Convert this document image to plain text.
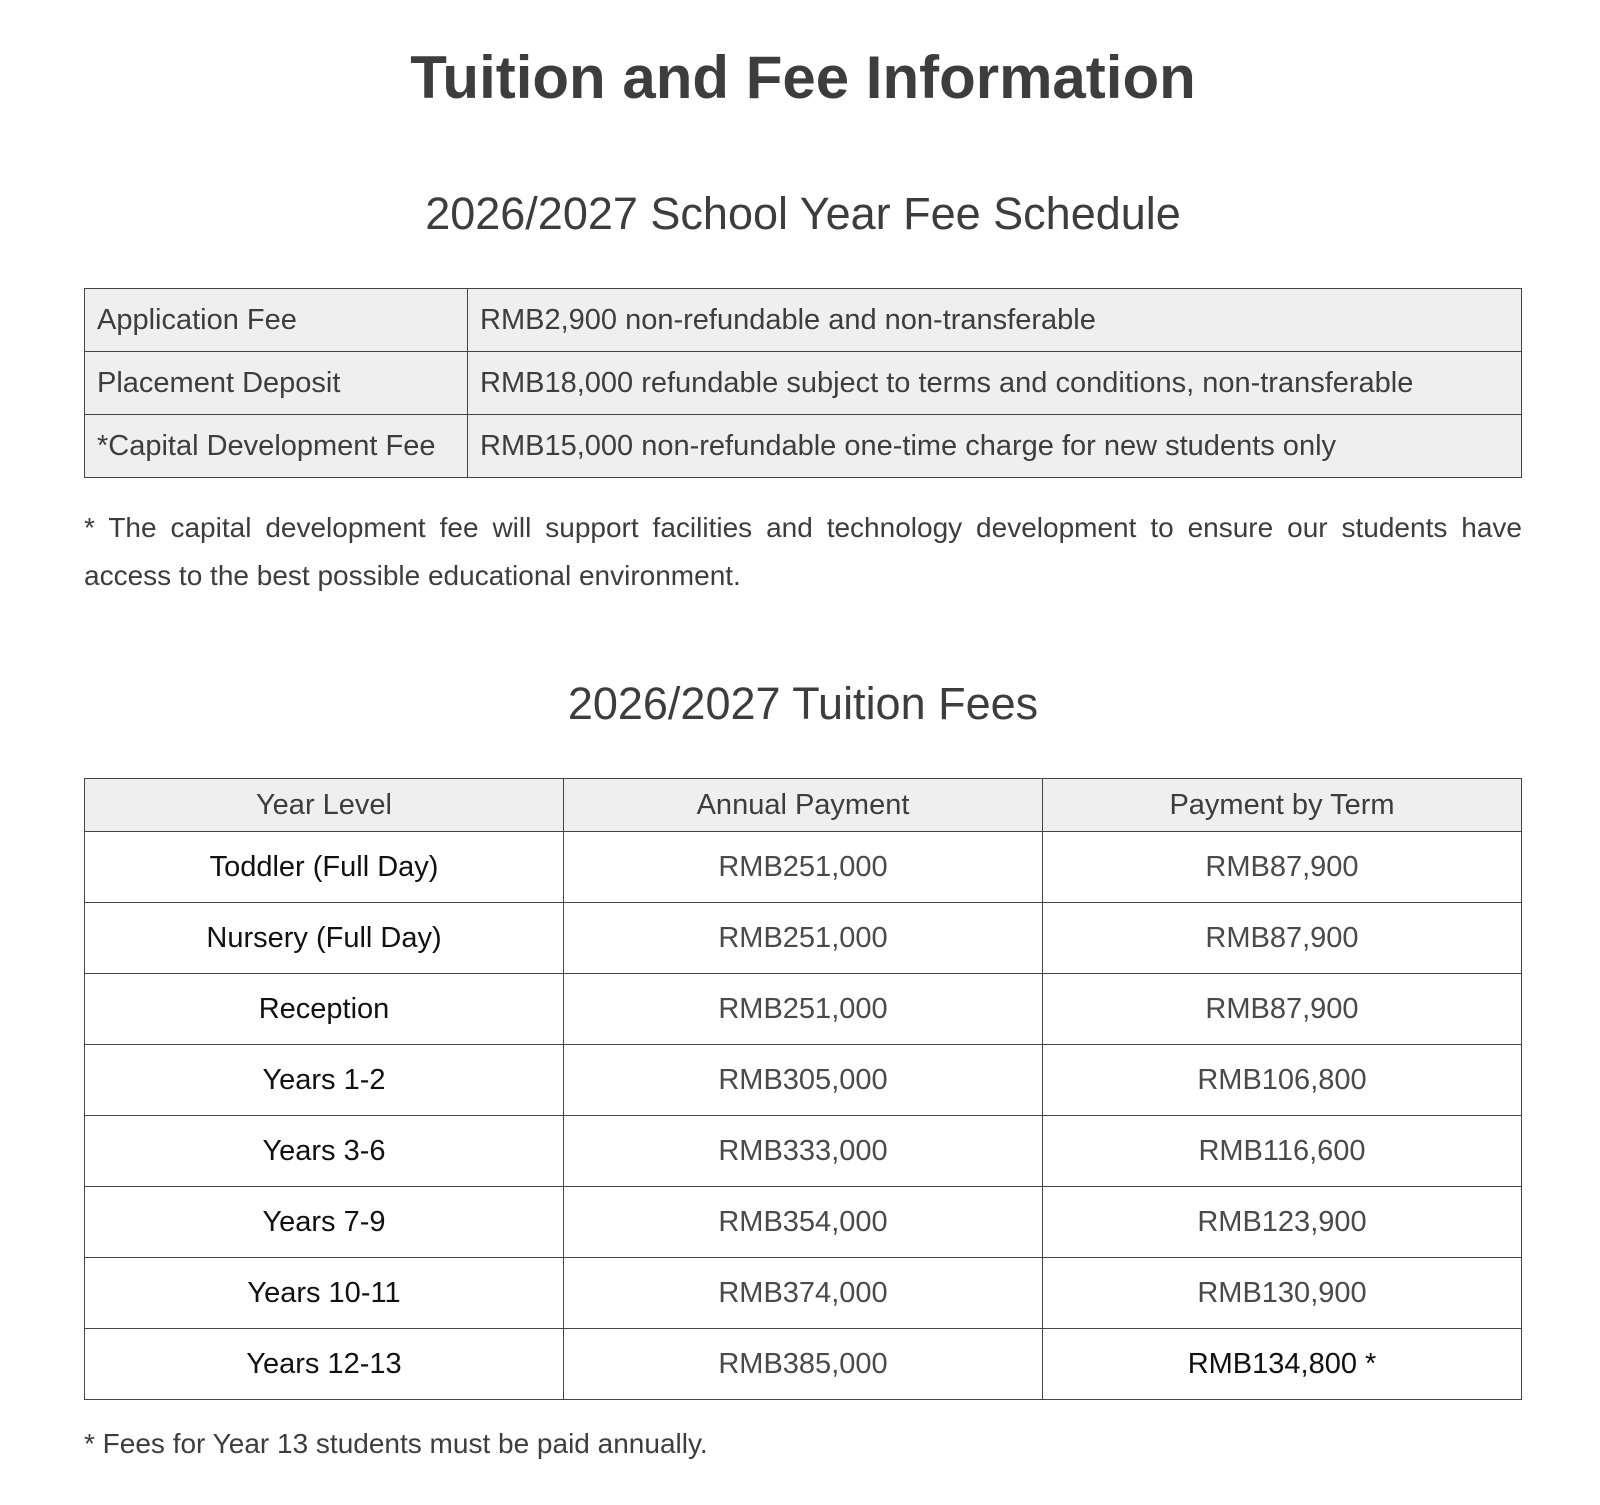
Tuition and Fee Information
2026/2027 School Year Fee Schedule
Application Fee	RMB2,900 non-refundable and non-transferable
Placement Deposit	RMB18,000 refundable subject to terms and conditions, non-transferable
*Capital Development Fee	RMB15,000 non-refundable one-time charge for new students only

* The capital development fee will support facilities and technology development to ensure our students have access to the best possible educational environment.

2026/2027 Tuition Fees
Year Level	Annual Payment	Payment by Term
Toddler (Full Day)	RMB251,000	RMB87,900
Nursery (Full Day)	RMB251,000	RMB87,900
Reception	RMB251,000	RMB87,900
Years 1-2	RMB305,000	RMB106,800
Years 3-6	RMB333,000	RMB116,600
Years 7-9	RMB354,000	RMB123,900
Years 10-11	RMB374,000	RMB130,900
Years 12-13	RMB385,000	RMB134,800 *

* Fees for Year 13 students must be paid annually.
